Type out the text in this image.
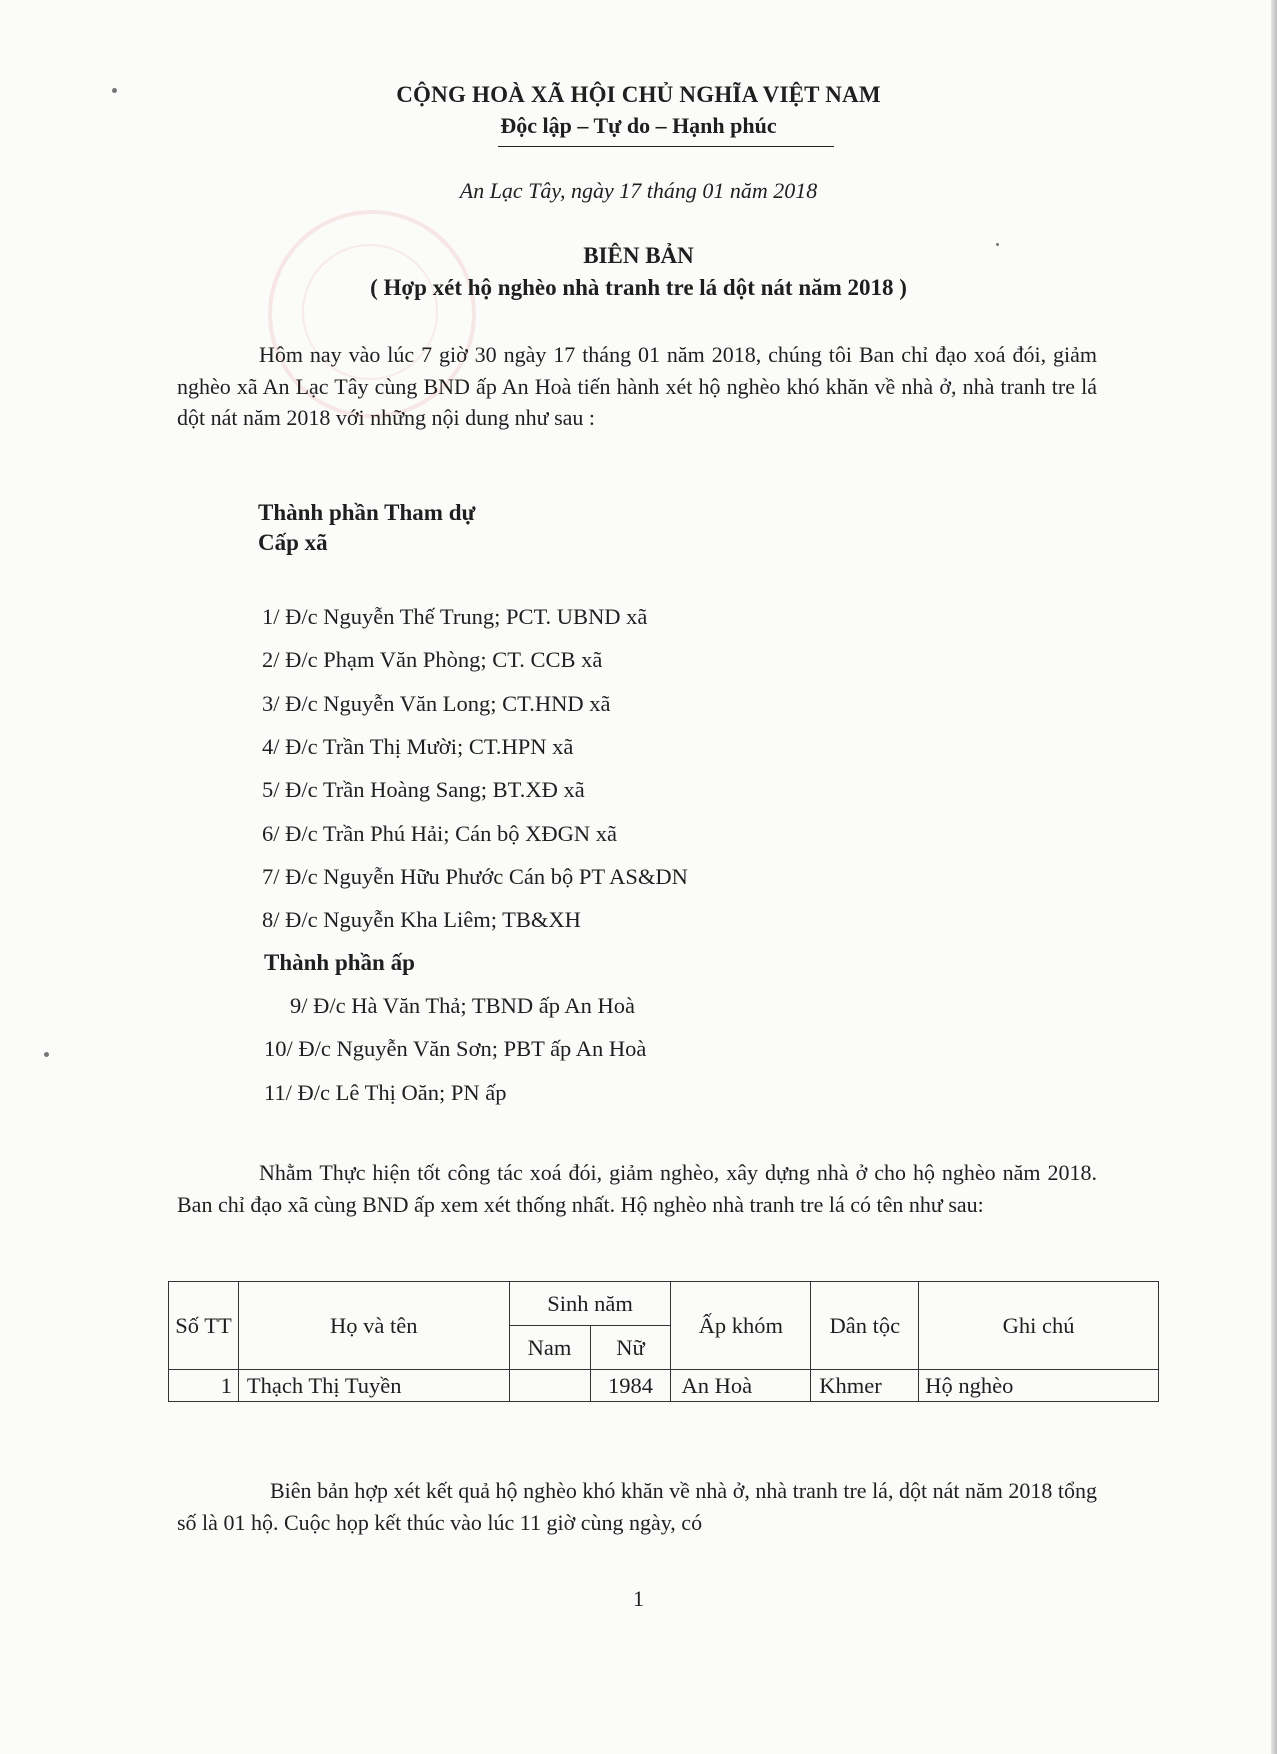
CỘNG HOÀ XÃ HỘI CHỦ NGHĨA VIỆT NAM
Độc lập – Tự do – Hạnh phúc
An Lạc Tây, ngày 17 tháng 01 năm 2018
BIÊN BẢN
( Hợp xét hộ nghèo nhà tranh tre lá dột nát năm 2018 )
Hôm nay vào lúc 7 giờ 30 ngày 17 tháng 01 năm 2018, chúng tôi Ban chỉ đạo xoá đói, giảm nghèo xã An Lạc Tây cùng BND ấp An Hoà tiến hành xét hộ nghèo khó khăn về nhà ở, nhà tranh tre lá dột nát năm 2018 với những nội dung như sau :
Thành phần Tham dự
Cấp xã
1/ Đ/c Nguyễn Thế Trung; PCT. UBND xã
2/ Đ/c Phạm Văn Phòng; CT. CCB xã
3/ Đ/c Nguyễn Văn Long; CT.HND xã
4/ Đ/c Trần Thị Mười; CT.HPN xã
5/ Đ/c Trần Hoàng Sang; BT.XĐ xã
6/ Đ/c Trần Phú Hải; Cán bộ XĐGN xã
7/ Đ/c Nguyễn Hữu Phước Cán bộ PT AS&DN
8/ Đ/c Nguyễn Kha Liêm; TB&XH
Thành phần ấp
9/ Đ/c Hà Văn Thả; TBND ấp An Hoà
10/ Đ/c Nguyễn Văn Sơn; PBT ấp An Hoà
11/ Đ/c Lê Thị Oăn; PN ấp
Nhằm Thực hiện tốt công tác xoá đói, giảm nghèo, xây dựng nhà ở cho hộ nghèo năm 2018. Ban chỉ đạo xã cùng BND ấp xem xét thống nhất. Hộ nghèo nhà tranh tre lá có tên như sau:
Số TT	Họ và tên	Sinh năm		Ấp khóm	Dân tộc	Ghi chú
		Nam	Nữ			
1	Thạch Thị Tuyền		1984	An Hoà	Khmer	Hộ nghèo
Biên bản hợp xét kết quả hộ nghèo khó khăn về nhà ở, nhà tranh tre lá, dột nát năm 2018 tổng số là 01 hộ. Cuộc họp kết thúc vào lúc 11 giờ cùng ngày, có
1
